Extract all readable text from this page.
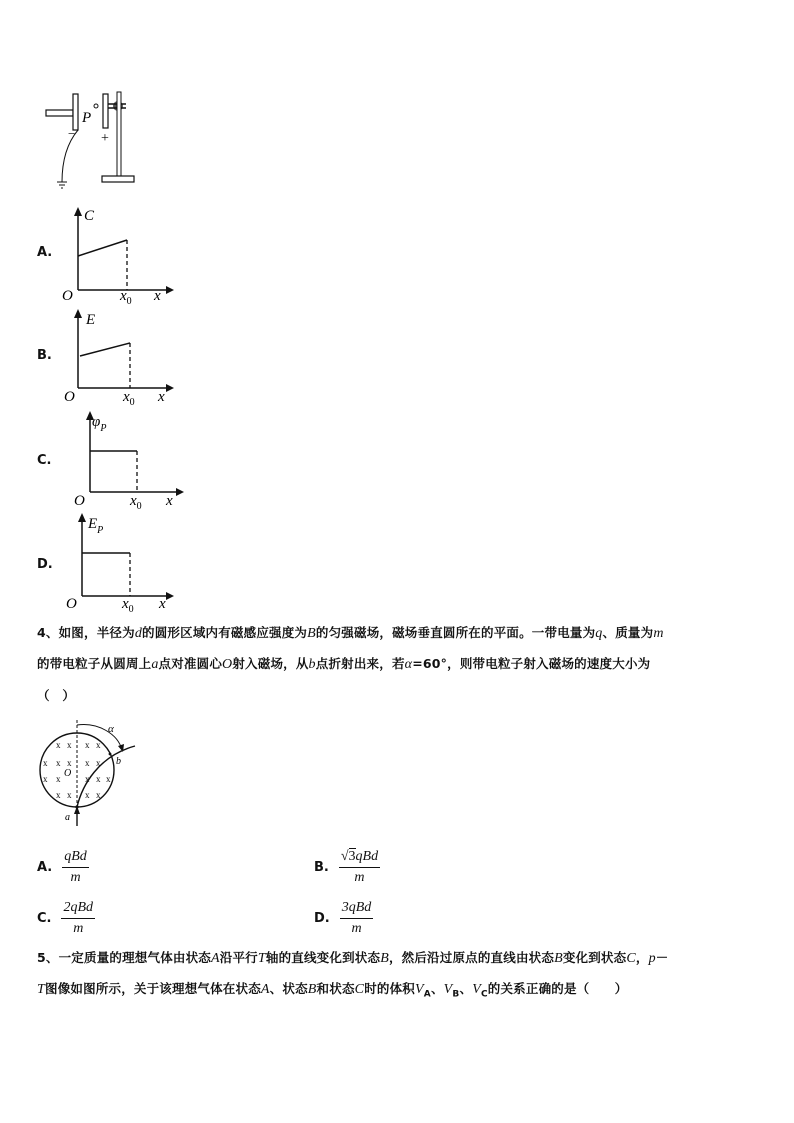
−
P
+
A.
C
O	$x_0$ x
B.
E
O	$x_0$ x
C.
$\varphi_P$
O	$x_0$ x
D.
$E_P$
O	$x_0$ x
4、如图，半径为d的圆形区域内有磁感应强度为B的匀强磁场，磁场垂直圆所在的平面。一带电量为q、质量为m
的带电粒子从圆周上a点对准圆心O射入磁场，从b点折射出来，若α=60°，则带电粒子射入磁场的速度大小为
（　）
x x x x
x x x x x
x x	x x x
x x x x
α
b
O
a
A. $\frac{\text{qBd}}{m}$	B. $\frac{\text{√3qBd}}{m}$
C. $\frac{\text{2qBd}}{m}$	D. $\frac{\text{3qBd}}{m}$
5、一定质量的理想气体由状态A沿平行T轴的直线变化到状态B，然后沿过原点的直线由状态B变化到状态C，p－
T图像如图所示，关于该理想气体在状态A、状态B和状态C时的体积$V_A$、$V_B$、$V_C$的关系正确的是（　　）
